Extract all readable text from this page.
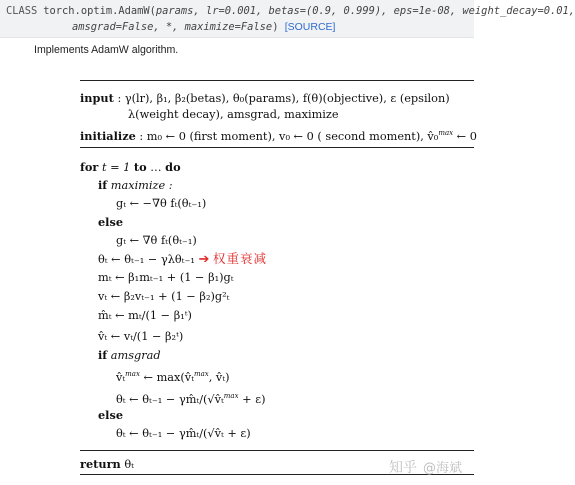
CLASS torch.optim.AdamW(params, lr=0.001, betas=(0.9, 0.999), eps=1e-08, weight_decay=0.01,
amsgrad=False, *, maximize=False) [SOURCE]
Implements AdamW algorithm.
input : γ(lr), β₁, β₂(betas), θ₀(params), f(θ)(objective), ε (epsilon)
λ(weight decay), amsgrad, maximize
initialize : m₀ ← 0 (first moment), v₀ ← 0 ( second moment), v̂₀$^{max}$ ← 0
for t = 1 to … do
if maximize :
gₜ ← −∇θ fₜ(θₜ₋₁)
else
gₜ ← ∇θ fₜ(θₜ₋₁)
θₜ ← θₜ₋₁ − γλθₜ₋₁ ➔ 权重衰减
mₜ ← β₁mₜ₋₁ + (1 − β₁)gₜ
vₜ ← β₂vₜ₋₁ + (1 − β₂)g²ₜ
m̂ₜ ← mₜ/(1 − β₁ᵗ)
v̂ₜ ← vₜ/(1 − β₂ᵗ)
if amsgrad
v̂ₜ$^{max}$ ← max(v̂ₜ$^{max}$, v̂ₜ)
θₜ ← θₜ₋₁ − γm̂ₜ/(√v̂ₜ$^{max}$ + ε)
else
θₜ ← θₜ₋₁ − γm̂ₜ/(√v̂ₜ + ε)
return θₜ	知乎 @海斌
